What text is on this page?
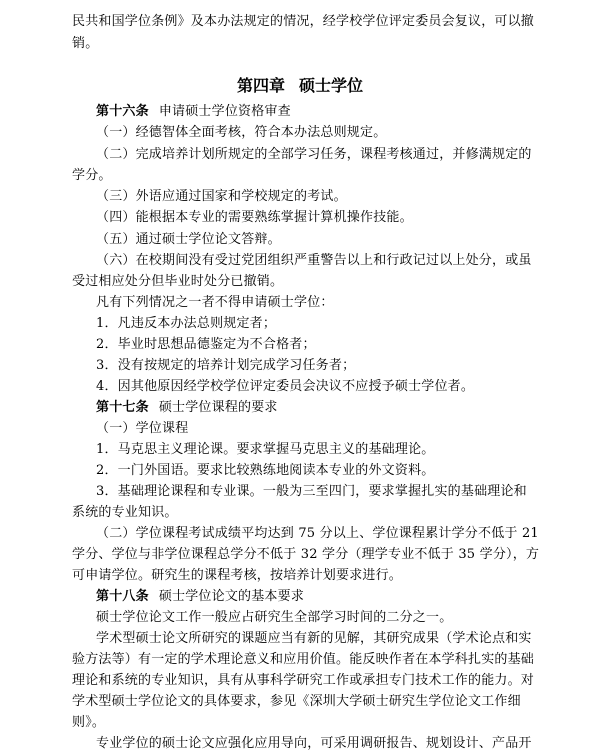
民共和国学位条例》及本办法规定的情况，经学校学位评定委员会复议，可以撤
销。
第四章 硕士学位
第十六条 申请硕士学位资格审查
（一）经德智体全面考核，符合本办法总则规定。
（二）完成培养计划所规定的全部学习任务，课程考核通过，并修满规定的
学分。
（三）外语应通过国家和学校规定的考试。
（四）能根据本专业的需要熟练掌握计算机操作技能。
（五）通过硕士学位论文答辩。
（六）在校期间没有受过党团组织严重警告以上和行政记过以上处分，或虽
受过相应处分但毕业时处分已撤销。
凡有下列情况之一者不得申请硕士学位：
1．凡违反本办法总则规定者；
2．毕业时思想品德鉴定为不合格者；
3．没有按规定的培养计划完成学习任务者；
4．因其他原因经学校学位评定委员会决议不应授予硕士学位者。
第十七条 硕士学位课程的要求
（一）学位课程
1．马克思主义理论课。要求掌握马克思主义的基础理论。
2．一门外国语。要求比较熟练地阅读本专业的外文资料。
3．基础理论课程和专业课。一般为三至四门，要求掌握扎实的基础理论和
系统的专业知识。
（二）学位课程考试成绩平均达到 75 分以上、学位课程累计学分不低于 21
学分、学位与非学位课程总学分不低于 32 学分（理学专业不低于 35 学分），方
可申请学位。研究生的课程考核，按培养计划要求进行。
第十八条 硕士学位论文的基本要求
硕士学位论文工作一般应占研究生全部学习时间的二分之一。
学术型硕士论文所研究的课题应当有新的见解，其研究成果（学术论点和实
验方法等）有一定的学术理论意义和应用价值。能反映作者在本学科扎实的基础
理论和系统的专业知识，具有从事科学研究工作或承担专门技术工作的能力。对
学术型硕士学位论文的具体要求，参见《深圳大学硕士研究生学位论文工作细
则》。
专业学位的硕士论文应强化应用导向，可采用调研报告、规划设计、产品开
